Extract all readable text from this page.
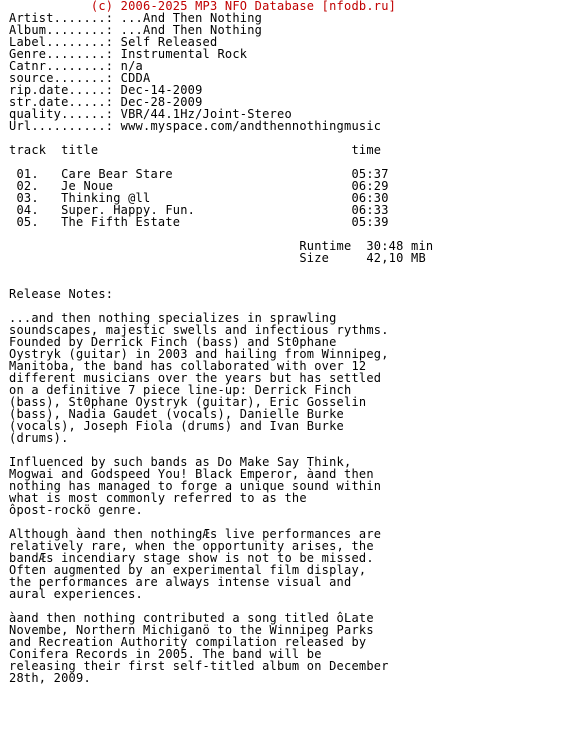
(c) 2006-2025 MP3 NFO Database [nfodb.ru]
Artist.......: ...And Then Nothing
Album........: ...And Then Nothing
Label........: Self Released
Genre........: Instrumental Rock
Catnr........: n/a
source.......: CDDA
rip.date.....: Dec-14-2009
str.date.....: Dec-28-2009
quality......: VBR/44.1Hz/Joint-Stereo
Url..........: www.myspace.com/andthennothingmusic
track  title                                  time
01.   Care Bear Stare                        05:37
02.   Je Noue                                06:29
03.   Thinking @ll                           06:30
04.   Super. Happy. Fun.                     06:33
05.   The Fifth Estate                       05:39
Runtime  30:48 min
Size     42,10 MB
Release Notes:
...and then nothing specializes in sprawling
soundscapes, majestic swells and infectious rythms.
Founded by Derrick Finch (bass) and St0phane
Oystryk (guitar) in 2003 and hailing from Winnipeg,
Manitoba, the band has collaborated with over 12
different musicians over the years but has settled
on a definitive 7 piece line-up: Derrick Finch
(bass), St0phane Oystryk (guitar), Eric Gosselin
(bass), Nadia Gaudet (vocals), Danielle Burke
(vocals), Joseph Fiola (drums) and Ivan Burke
(drums).
Influenced by such bands as Do Make Say Think,
Mogwai and Godspeed You! Black Emperor, àand then
nothing has managed to forge a unique sound within
what is most commonly referred to as the
ôpost-rockö genre.
Although àand then nothingÆs live performances are
relatively rare, when the opportunity arises, the
bandÆs incendiary stage show is not to be missed.
Often augmented by an experimental film display,
the performances are always intense visual and
aural experiences.
àand then nothing contributed a song titled ôLate
Novembe, Northern Michiganö to the Winnipeg Parks
and Recreation Authority compilation released by
Conifera Records in 2005. The band will be
releasing their first self-titled album on December
28th, 2009.
